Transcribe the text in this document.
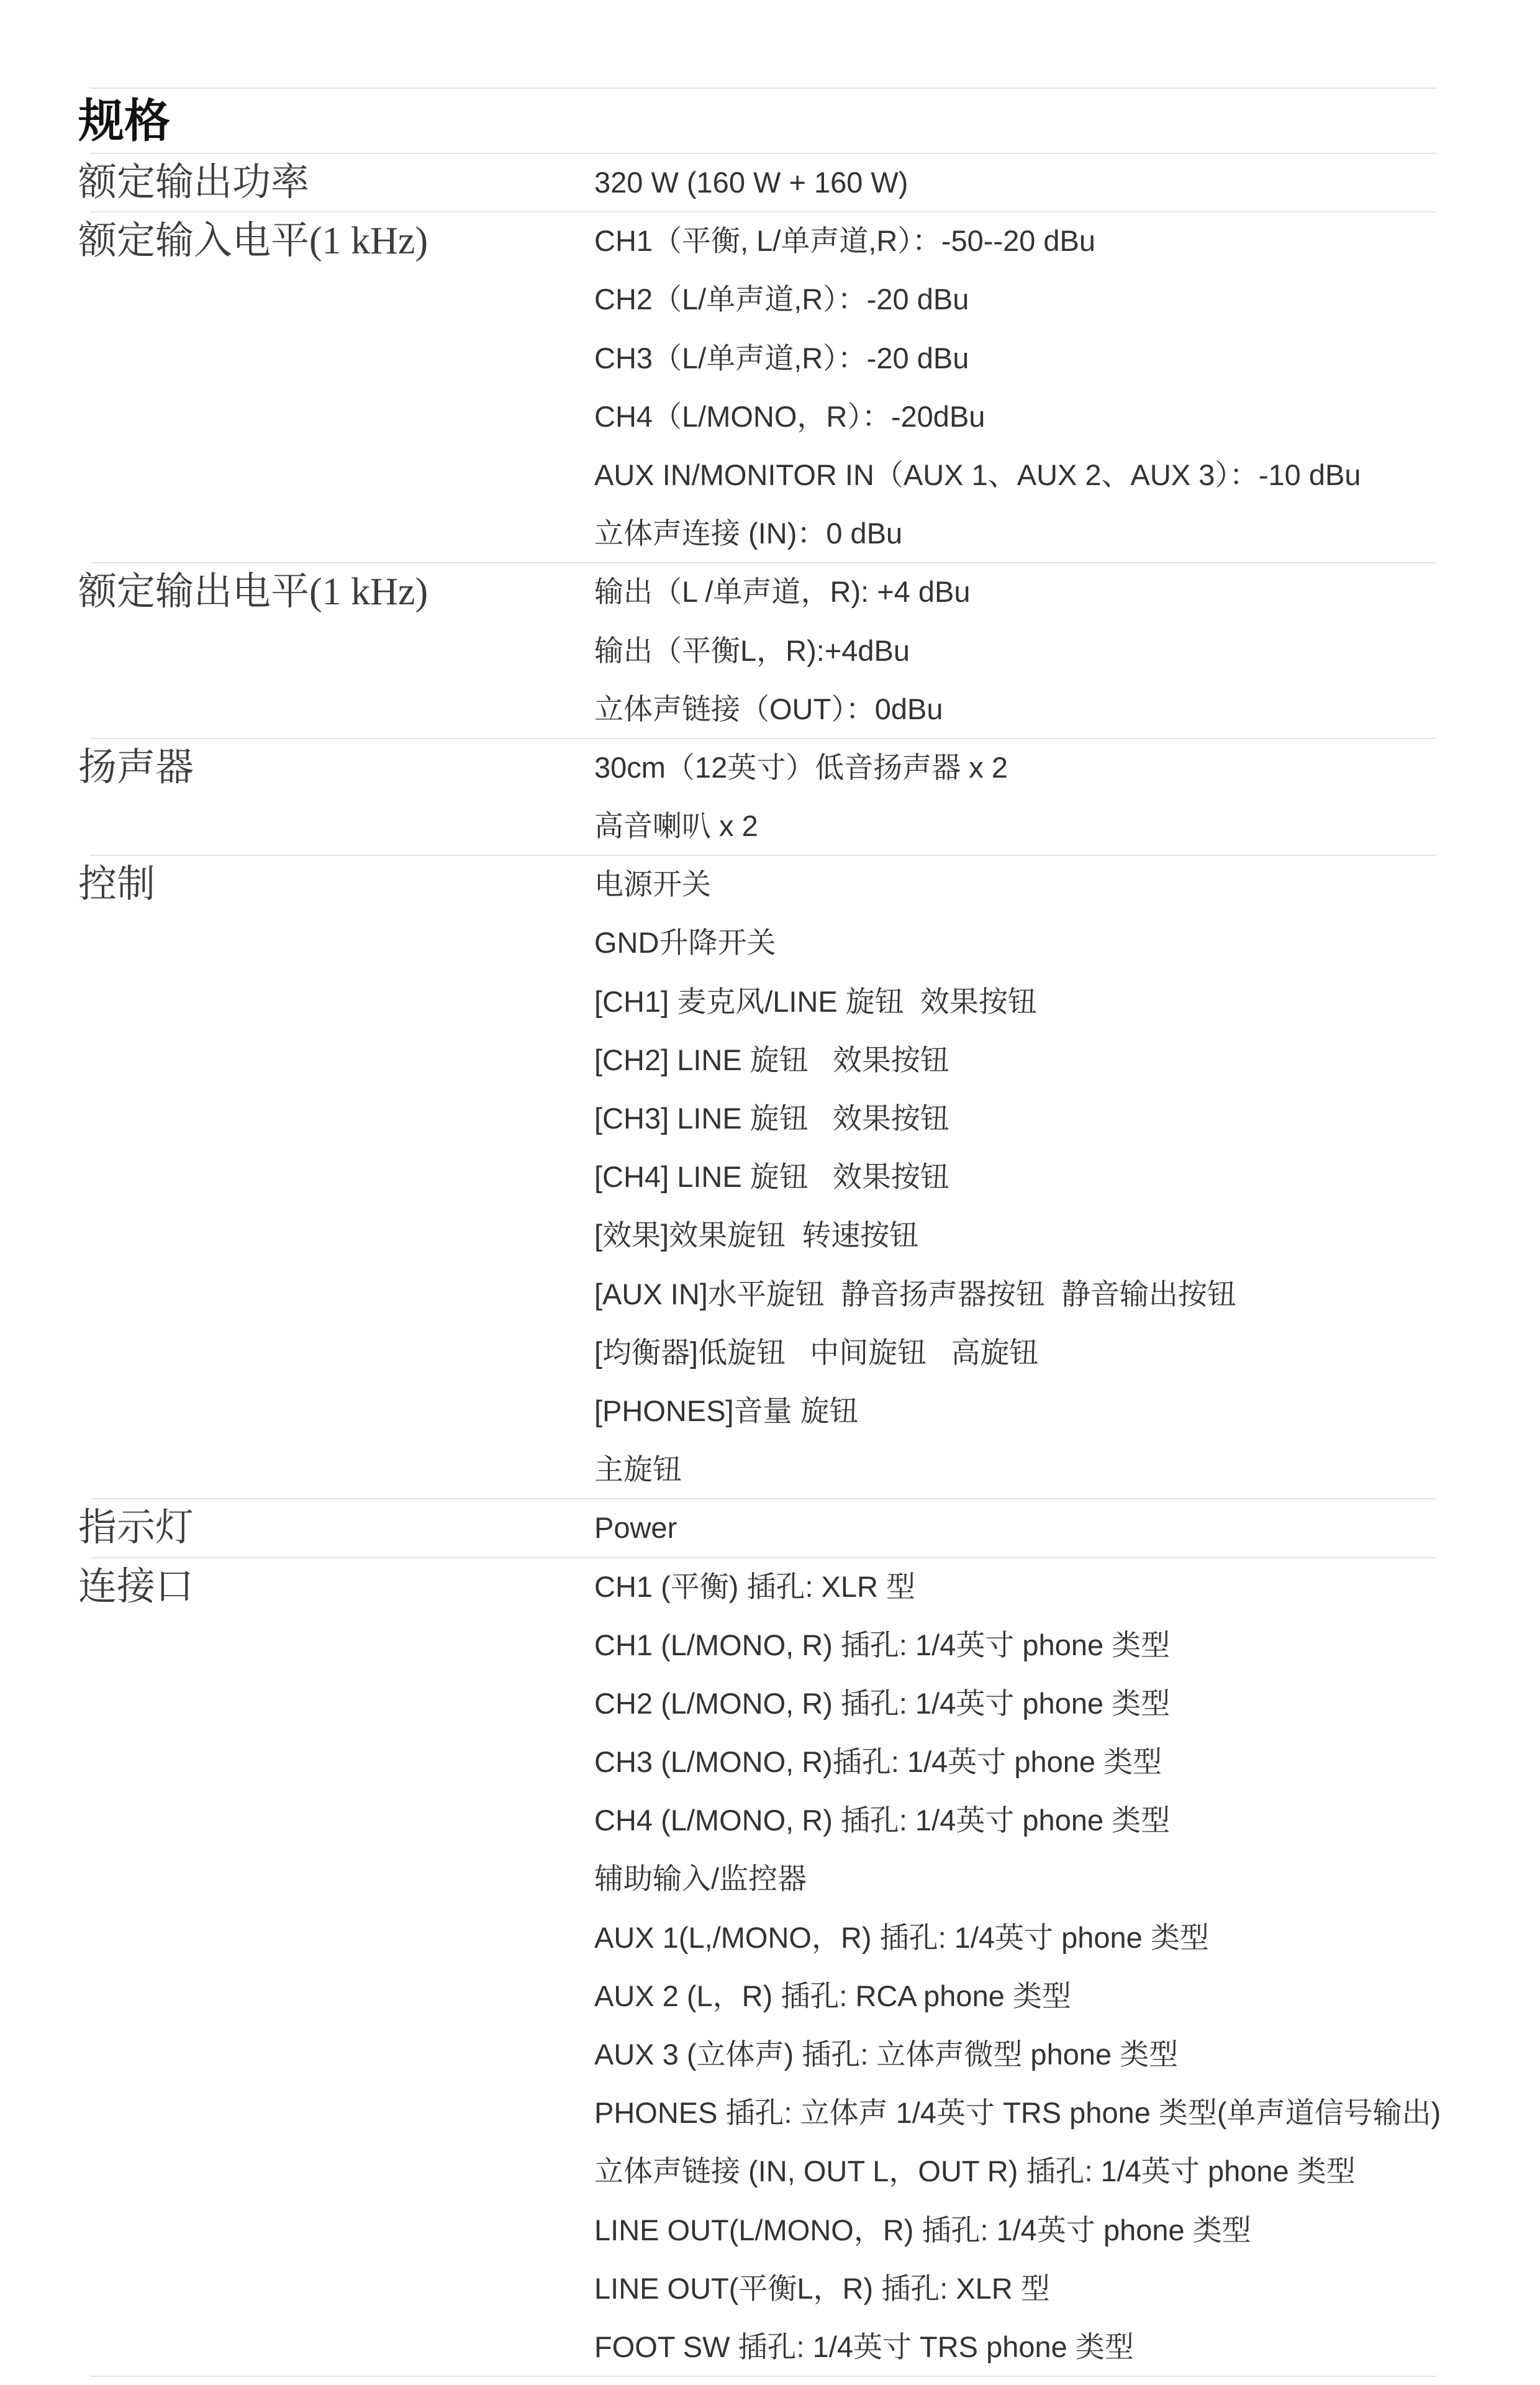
规格
额定输出功率	320 W (160 W + 160 W)
额定输入电平(1 kHz)	CH1（平衡, L/单声道,R）：-50--20 dBu
CH2（L/单声道,R）：-20 dBu
CH3（L/单声道,R）：-20 dBu
CH4（L/MONO，R）：-20dBu
AUX IN/MONITOR IN（AUX 1、AUX 2、AUX 3）：-10 dBu
立体声连接 (IN)：0 dBu
额定输出电平(1 kHz)	输出（L /单声道，R): +4 dBu
输出（平衡L，R):+4dBu
立体声链接（OUT）：0dBu
扬声器	30cm（12英寸）低音扬声器 x 2
高音喇叭 x 2
控制	电源开关
GND升降开关
[CH1] 麦克风/LINE 旋钮  效果按钮
[CH2] LINE 旋钮   效果按钮
[CH3] LINE 旋钮   效果按钮
[CH4] LINE 旋钮   效果按钮
[效果]效果旋钮  转速按钮
[AUX IN]水平旋钮  静音扬声器按钮  静音输出按钮
[均衡器]低旋钮   中间旋钮   高旋钮
[PHONES]音量 旋钮
主旋钮
指示灯	Power
连接口	CH1 (平衡) 插孔: XLR 型
CH1 (L/MONO, R) 插孔: 1/4英寸 phone 类型
CH2 (L/MONO, R) 插孔: 1/4英寸 phone 类型
CH3 (L/MONO, R)插孔: 1/4英寸 phone 类型
CH4 (L/MONO, R) 插孔: 1/4英寸 phone 类型
辅助输入/监控器
AUX 1(L,/MONO，R) 插孔: 1/4英寸 phone 类型
AUX 2 (L，R) 插孔: RCA phone 类型
AUX 3 (立体声) 插孔: 立体声微型 phone 类型
PHONES 插孔: 立体声 1/4英寸 TRS phone 类型(单声道信号输出)
立体声链接 (IN, OUT L，OUT R) 插孔: 1/4英寸 phone 类型
LINE OUT(L/MONO，R) 插孔: 1/4英寸 phone 类型
LINE OUT(平衡L，R) 插孔: XLR 型
FOOT SW 插孔: 1/4英寸 TRS phone 类型
